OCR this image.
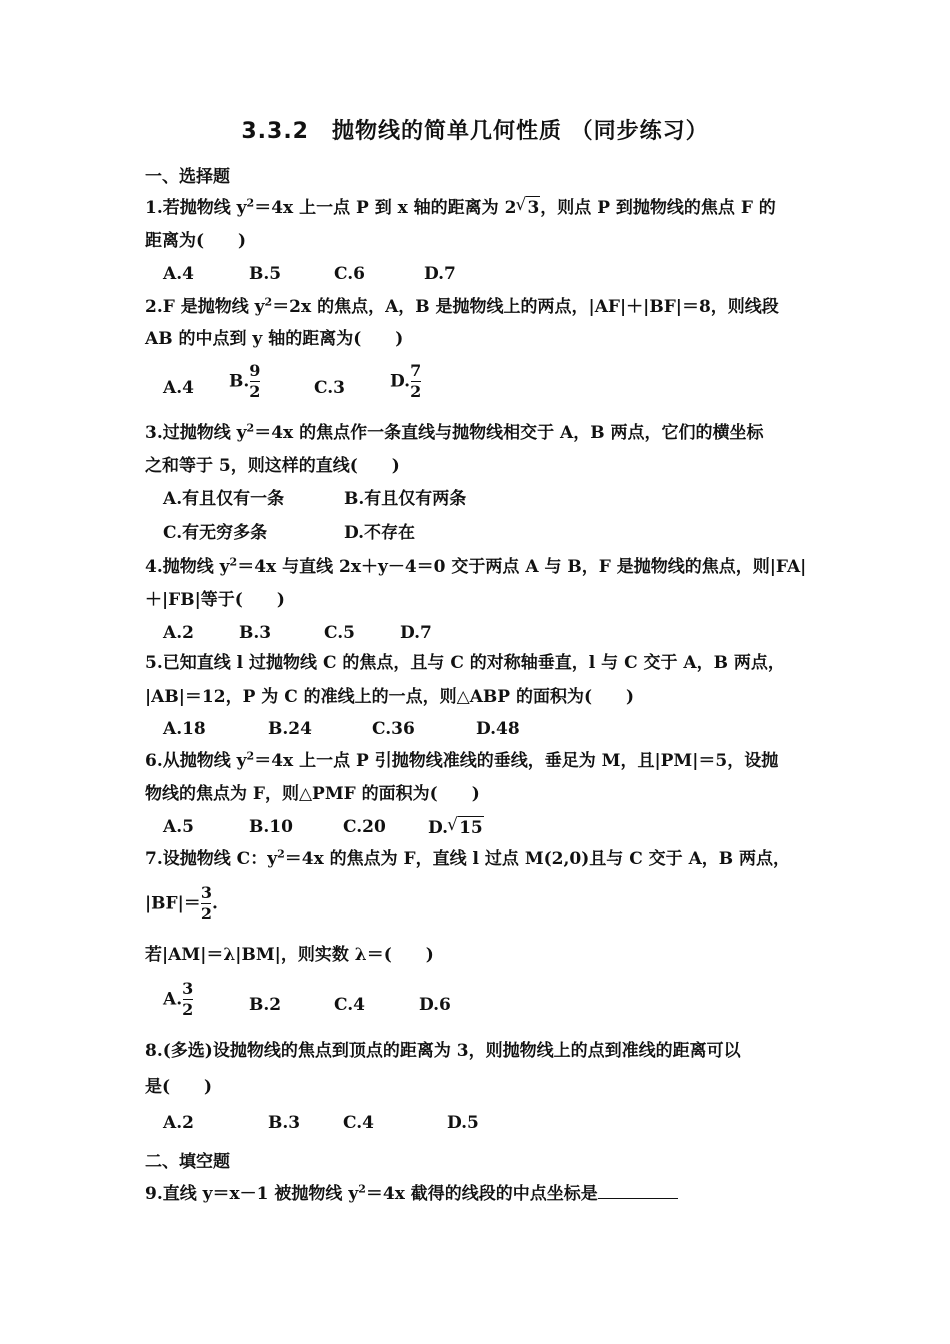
3.3.2　抛物线的简单几何性质 （同步练习）
一、选择题
1.若抛物线 $y^2=4x$ 上一点 P 到 x 轴的距离为 2 √ 3，则点 P 到抛物线的焦点 F 的
距离为(　　)
A.4	B.5	C.6	D.7
2.F 是抛物线 $y^2=2x$ 的焦点，A，B 是抛物线上的两点，|AF|＋|BF|＝8，则线段
AB 的中点到 y 轴的距离为(　　)
A.4 B. $\frac{9}{2}$	C.3	D. $\frac{7}{2}$
3.过抛物线 $y^2=4x$ 的焦点作一条直线与抛物线相交于 A，B 两点，它们的横坐标
之和等于 5，则这样的直线(　　)
A.有且仅有一条	B.有且仅有两条
C.有无穷多条	D.不存在
4.抛物线 $y^2=4x$ 与直线 2x＋y－4＝0 交于两点 A 与 B，F 是抛物线的焦点，则|FA|
＋|FB|等于(　　)
A.2	B.3	C.5	D.7
5.已知直线 l 过抛物线 C 的焦点，且与 C 的对称轴垂直，l 与 C 交于 A，B 两点，
|AB|＝12，P 为 C 的准线上的一点，则△ABP 的面积为(　　)
A.18	B.24	C.36	D.48
6.从抛物线 $y^2=4x$ 上一点 P 引抛物线准线的垂线，垂足为 M，且|PM|＝5，设抛
物线的焦点为 F，则△PMF 的面积为(　　)
A.5	B.10	C.20 D. √ 15
7.设抛物线 C：$y^2=4x$ 的焦点为 F，直线 l 过点 M(2,0)且与 C 交于 A，B 两点，
$|BF|= \frac{3}{2}$ .
若|AM|＝λ|BM|，则实数 λ＝(　　)
A. $\frac{3}{2}$	B.2	C.4	D.6
8.(多选)设抛物线的焦点到顶点的距离为 3，则抛物线上的点到准线的距离可以
是(　　)
A.2	B.3	C.4	D.5
二、填空题
9.直线 y＝x－1 被抛物线 $y^2=4x$ 截得的线段的中点坐标是
